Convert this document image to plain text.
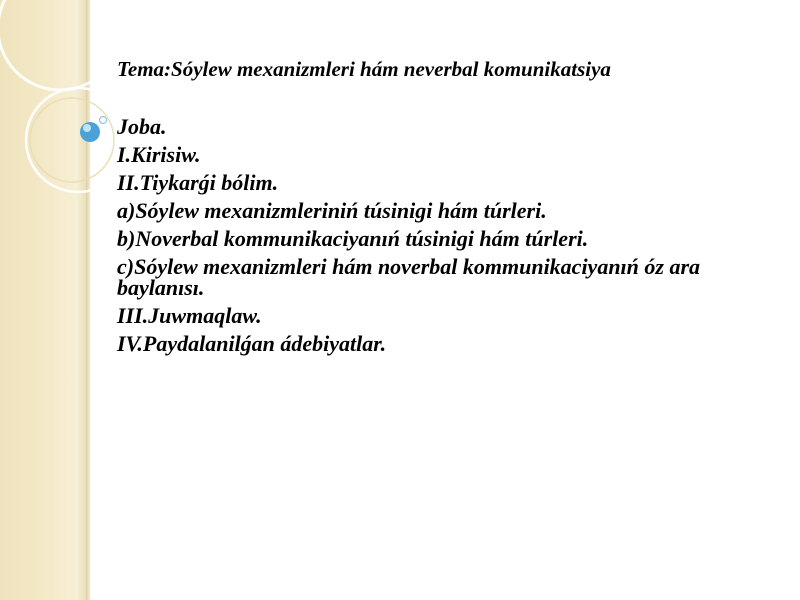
Tema:Sóylew mexanizmleri hám neverbal komunikatsiya
Joba.
I.Kirisiw.
II.Tiykarǵi bólim.
a)Sóylew mexanizmleriniń túsinigi hám túrleri.
b)Noverbal kommunikaciyanıń túsinigi hám túrleri.
c)Sóylew mexanizmleri hám noverbal kommunikaciyanıń óz ara baylanısı.
III.Juwmaqlaw.
IV.Paydalanilǵan ádebiyatlar.
